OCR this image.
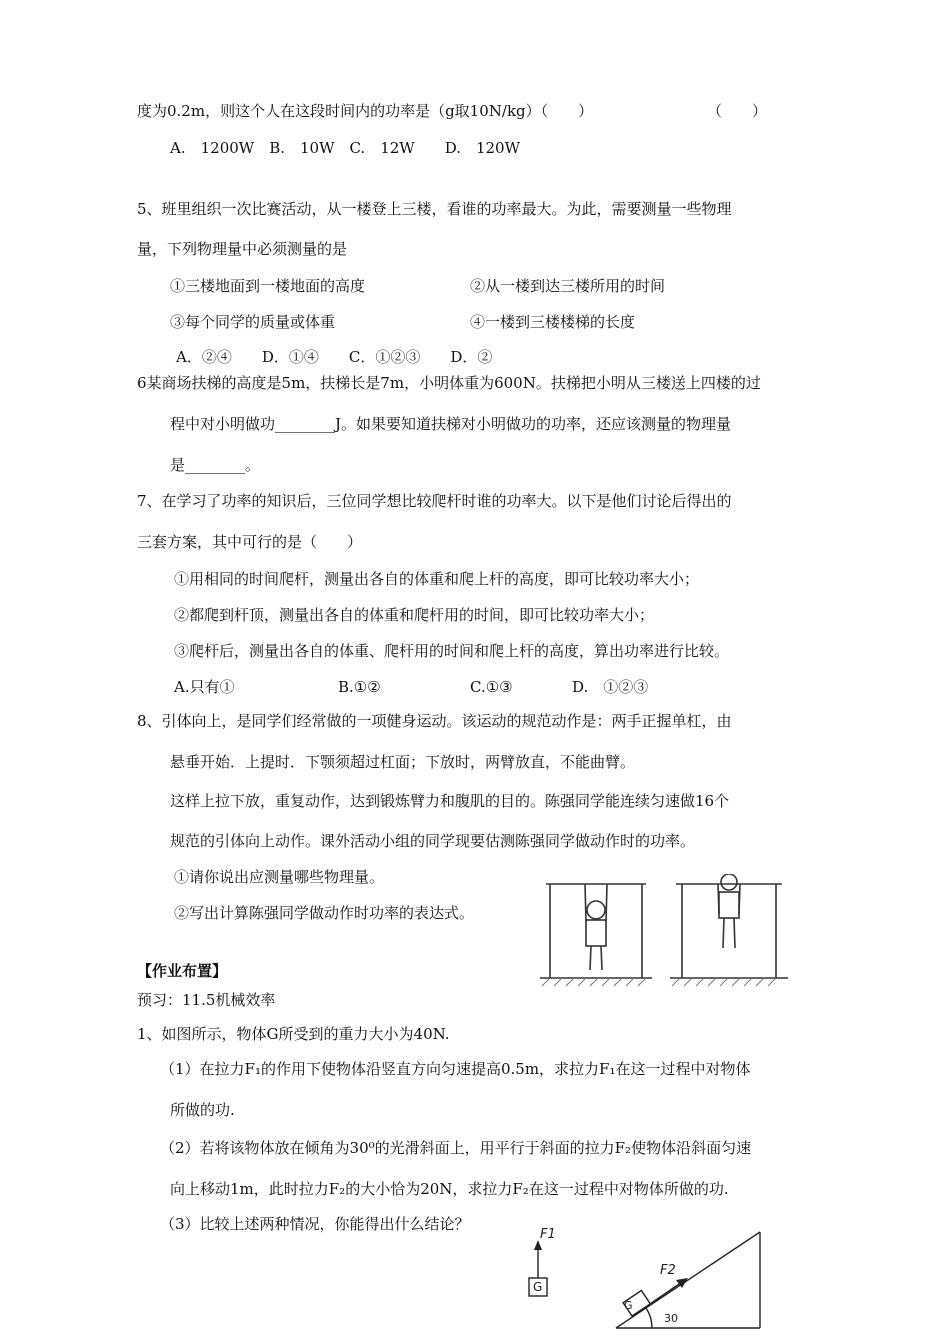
度为0.2m，则这个人在这段时间内的功率是（g取10N/kg）（　　）	（　　）
A.　1200W　B.　10W　C.　12W　　D.　120W
5、班里组织一次比赛活动，从一楼登上三楼，看谁的功率最大。为此，需要测量一些物理
量，下列物理量中必须测量的是
①三楼地面到一楼地面的高度	②从一楼到达三楼所用的时间
③每个同学的质量或体重	④一楼到三楼楼梯的长度
A．②④　　D．①④　　C．①②③　　D．②
6某商场扶梯的高度是5m，扶梯长是7m，小明体重为600N。扶梯把小明从三楼送上四楼的过
程中对小明做功________J。如果要知道扶梯对小明做功的功率，还应该测量的物理量
是________。
7、在学习了功率的知识后，三位同学想比较爬杆时谁的功率大。以下是他们讨论后得出的
三套方案，其中可行的是（　　）
①用相同的时间爬杆，测量出各自的体重和爬上杆的高度，即可比较功率大小；
②都爬到杆顶，测量出各自的体重和爬杆用的时间，即可比较功率大小；
③爬杆后，测量出各自的体重、爬杆用的时间和爬上杆的高度，算出功率进行比较。
A.只有①	B.①②	C.①③	D.　①②③
8、引体向上，是同学们经常做的一项健身运动。该运动的规范动作是：两手正握单杠，由
悬垂开始．上提时．下颚须超过杠面；下放时，两臂放直，不能曲臂。
这样上拉下放，重复动作，达到锻炼臂力和腹肌的目的。陈强同学能连续匀速做16个
规范的引体向上动作。课外活动小组的同学现要估测陈强同学做动作时的功率。
①请你说出应测量哪些物理量。
②写出计算陈强同学做动作时功率的表达式。
【作业布置】
预习：11.5机械效率
1、如图所示，物体G所受到的重力大小为40N.
（1）在拉力F₁的作用下使物体沿竖直方向匀速提高0.5m，求拉力F₁在这一过程中对物体
所做的功.
（2）若将该物体放在倾角为30⁰的光滑斜面上，用平行于斜面的拉力F₂使物体沿斜面匀速
向上移动1m，此时拉力F₂的大小恰为20N，求拉力F₂在这一过程中对物体所做的功.
（3）比较上述两种情况，你能得出什么结论？
F1
G
F2
G
30
